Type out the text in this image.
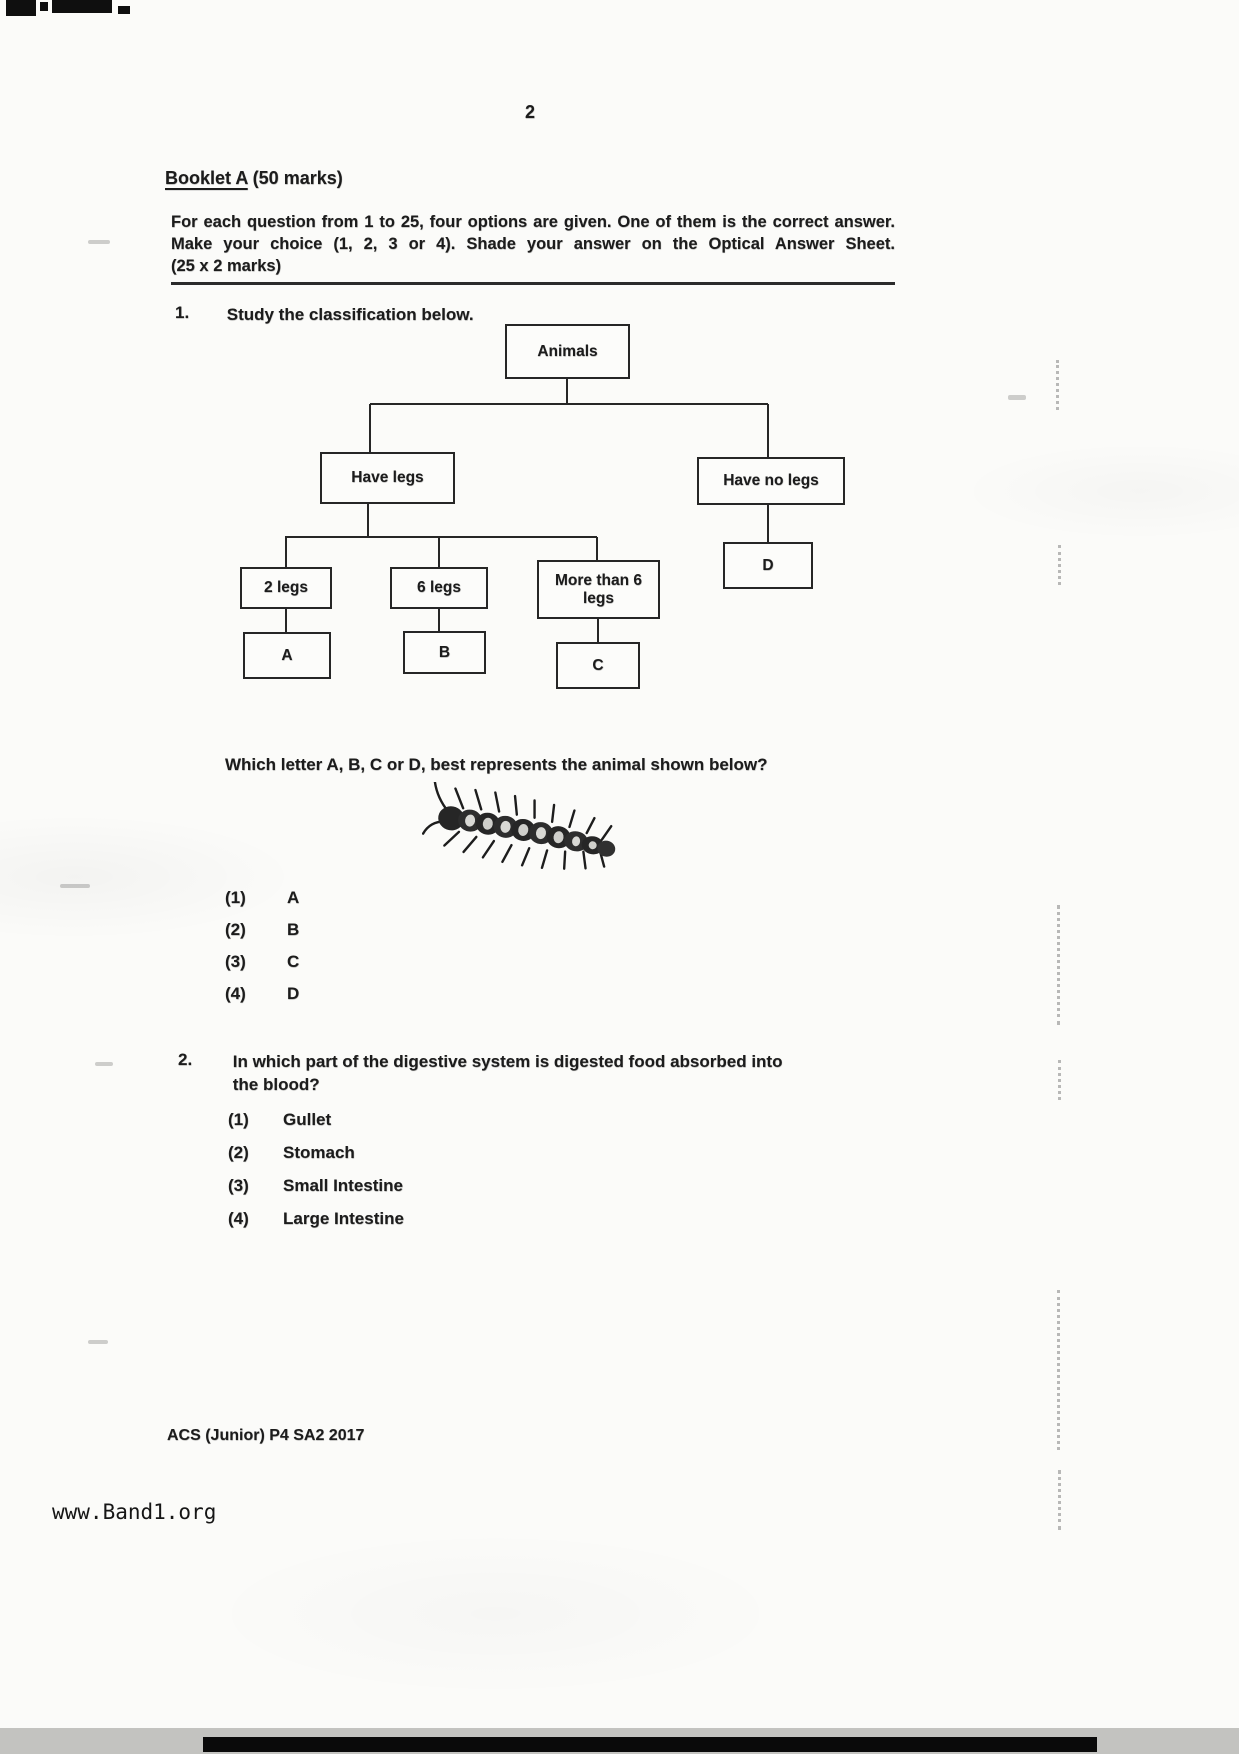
2
Booklet A (50 marks)
For each question from 1 to 25, four options are given. One of them is the correct answer.
Make your choice (1, 2, 3 or 4). Shade your answer on the Optical Answer Sheet.
(25 x 2 marks)
1. Study the classification below.
Animals
Have legs	Have no legs
2 legs	6 legs	More than 6 legs
D
A	B
C
Which letter A, B, C or D, best represents the animal shown below?
(1) A
(2) B
(3) C
(4) D
2. In which part of the digestive system is digested food absorbed into the blood?
(1) Gullet
(2) Stomach
(3) Small Intestine
(4) Large Intestine
ACS (Junior) P4 SA2 2017
www.Band1.org
